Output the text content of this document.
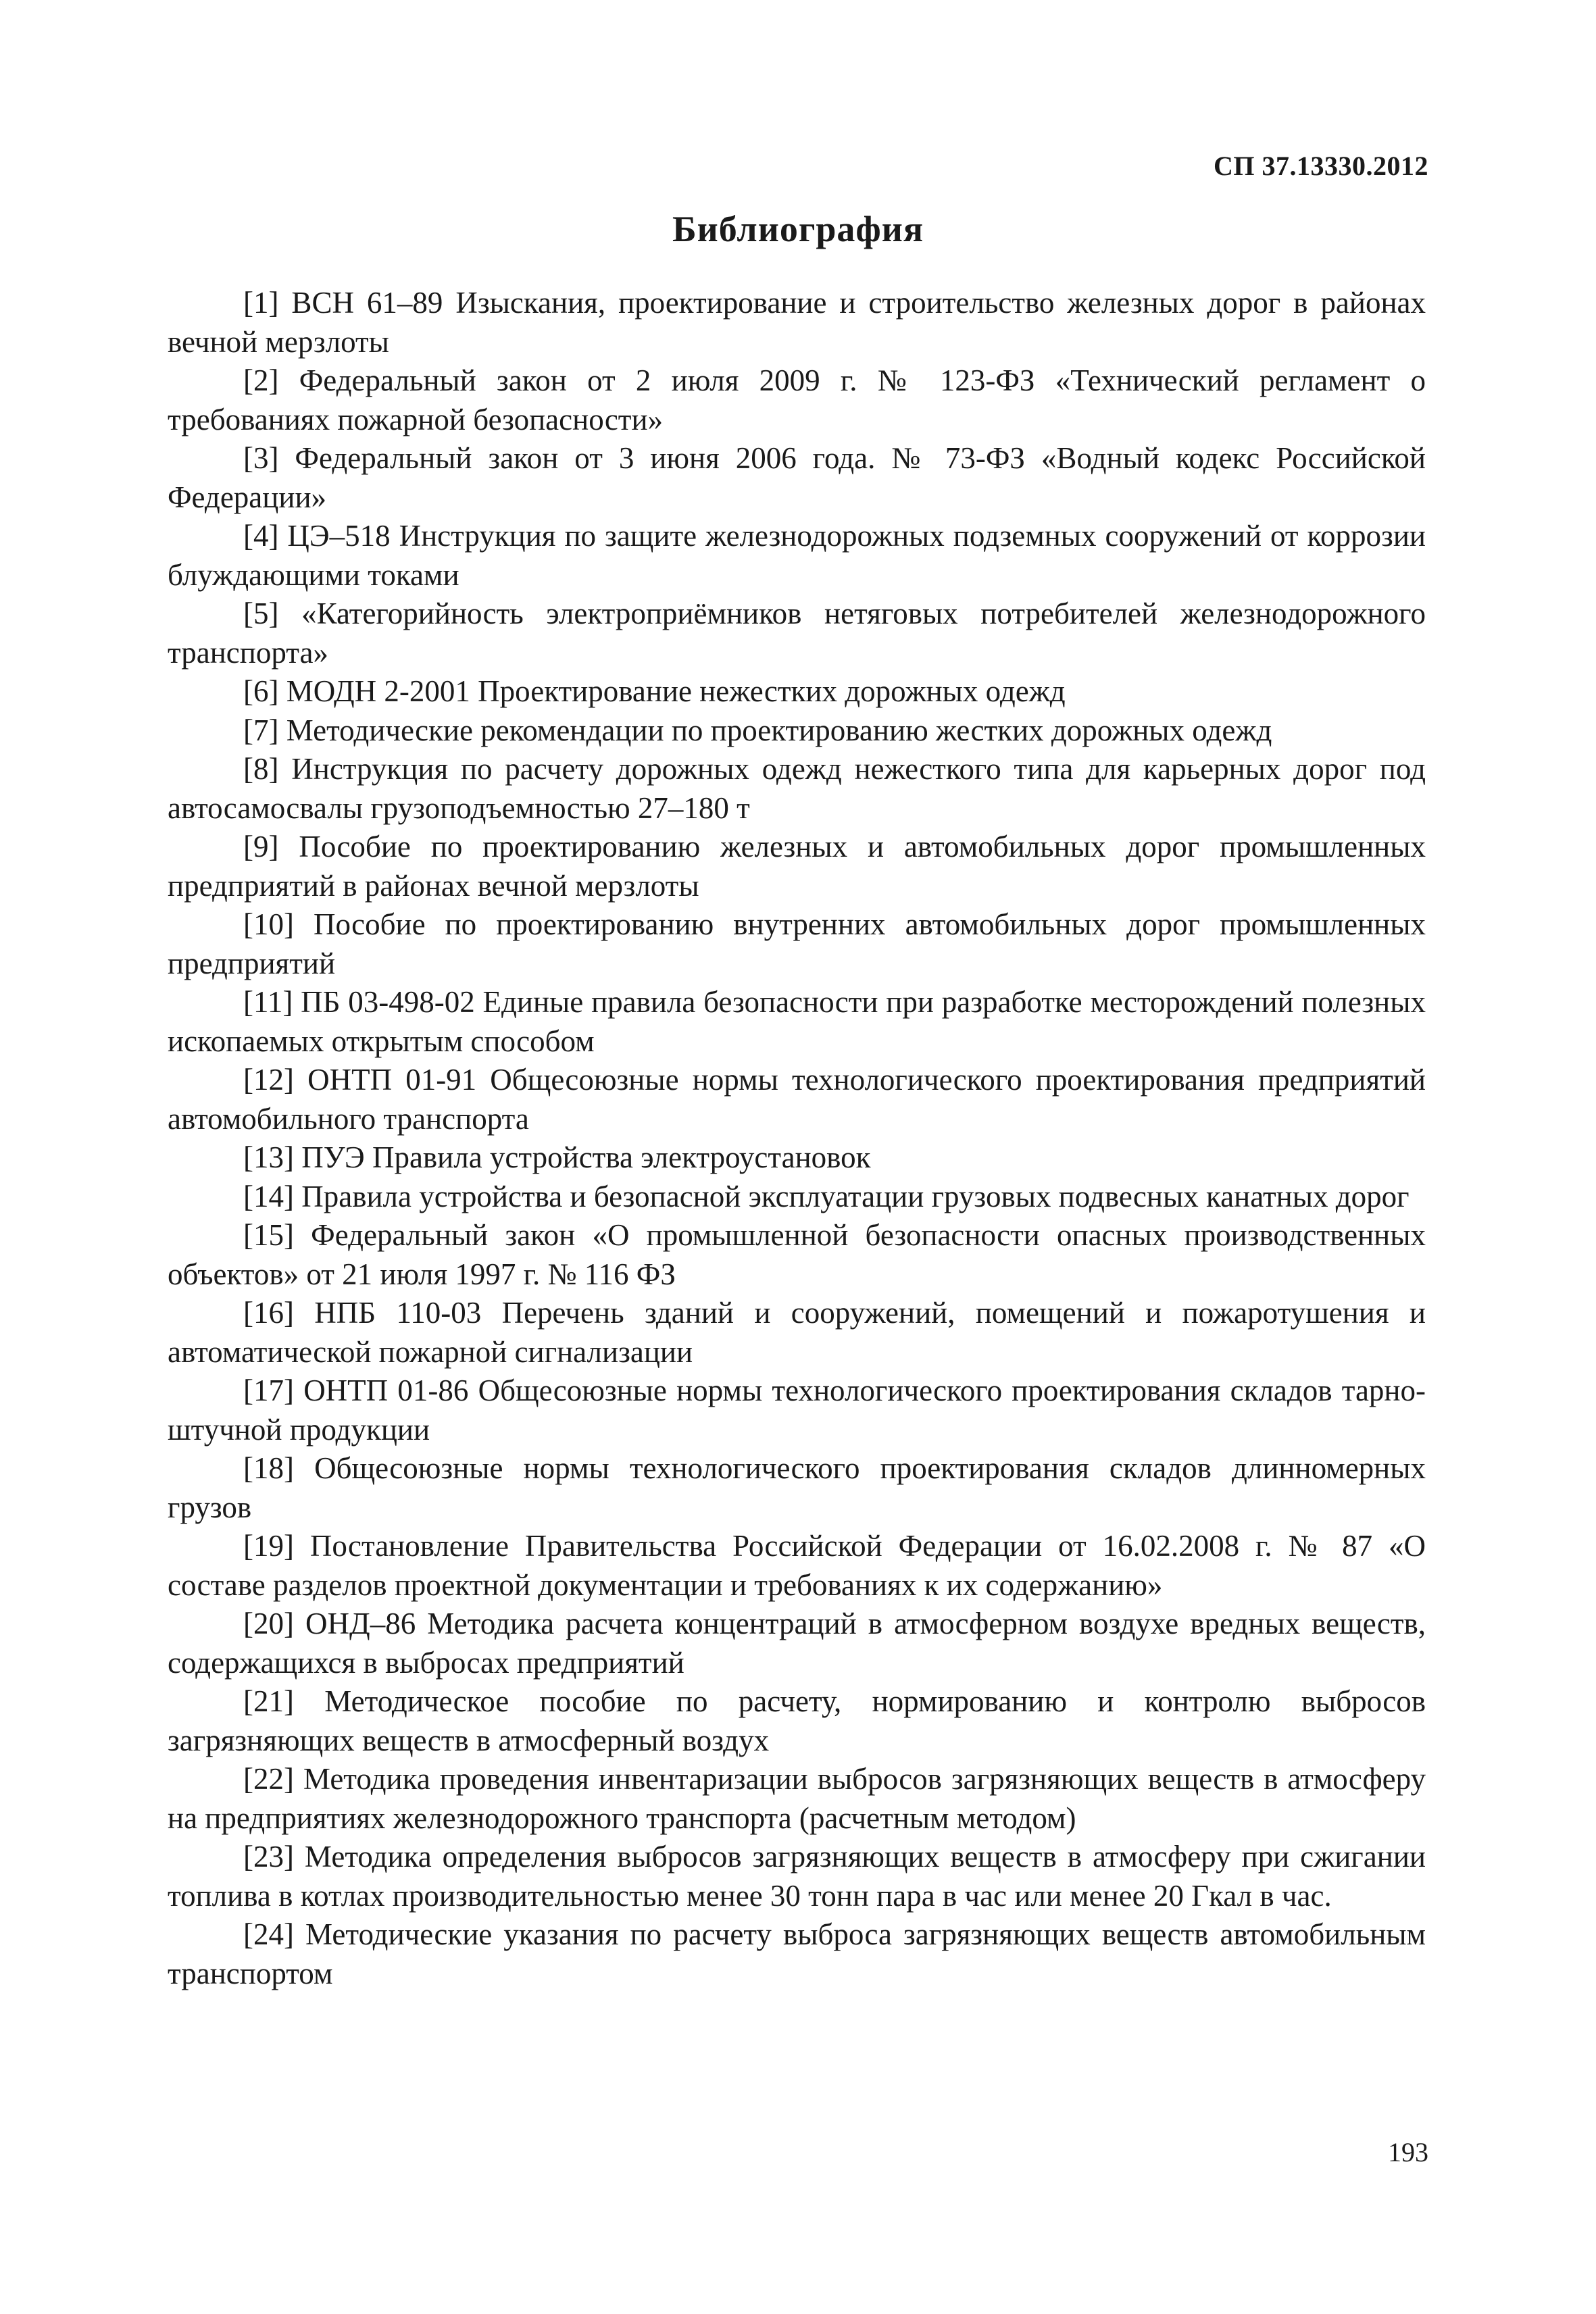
СП 37.13330.2012
Библиография
[1] ВСН 61–89 Изыскания, проектирование и строительство железных дорог в районах вечной мерзлоты
[2] Федеральный закон от 2 июля 2009 г. № 123-ФЗ «Технический регламент о требованиях пожарной безопасности»
[3] Федеральный закон от 3 июня 2006 года. № 73-ФЗ «Водный кодекс Российской Федерации»
[4] ЦЭ–518 Инструкция по защите железнодорожных подземных сооружений от коррозии блуждающими токами
[5] «Категорийность электроприёмников нетяговых потребителей железнодорожного транспорта»
[6] МОДН 2-2001 Проектирование нежестких дорожных одежд
[7] Методические рекомендации по проектированию жестких дорожных одежд
[8] Инструкция по расчету дорожных одежд нежесткого типа для карьерных дорог под автосамосвалы грузоподъемностью 27–180 т
[9] Пособие по проектированию железных и автомобильных дорог промышленных предприятий в районах вечной мерзлоты
[10] Пособие по проектированию внутренних автомобильных дорог промышленных предприятий
[11] ПБ 03-498-02 Единые правила безопасности при разработке месторождений полезных ископаемых открытым способом
[12] ОНТП 01-91 Общесоюзные нормы технологического проектирования предприятий автомобильного транспорта
[13] ПУЭ Правила устройства электроустановок
[14] Правила устройства и безопасной эксплуатации грузовых подвесных канатных дорог
[15] Федеральный закон «О промышленной безопасности опасных производственных объектов» от 21 июля 1997 г. № 116 ФЗ
[16] НПБ 110-03 Перечень зданий и сооружений, помещений и пожаротушения и автоматической пожарной сигнализации
[17] ОНТП 01-86 Общесоюзные нормы технологического проектирования складов тарно-штучной продукции
[18] Общесоюзные нормы технологического проектирования складов длинномерных грузов
[19] Постановление Правительства Российской Федерации от 16.02.2008 г. № 87 «О составе разделов проектной документации и требованиях к их содержанию»
[20] ОНД–86 Методика расчета концентраций в атмосферном воздухе вредных веществ, содержащихся в выбросах предприятий
[21] Методическое пособие по расчету, нормированию и контролю выбросов загрязняющих веществ в атмосферный воздух
[22] Методика проведения инвентаризации выбросов загрязняющих веществ в атмосферу на предприятиях железнодорожного транспорта (расчетным методом)
[23] Методика определения выбросов загрязняющих веществ в атмосферу при сжигании топлива в котлах производительностью менее 30 тонн пара в час или менее 20 Гкал в час.
[24] Методические указания по расчету выброса загрязняющих веществ автомобильным транспортом
193
